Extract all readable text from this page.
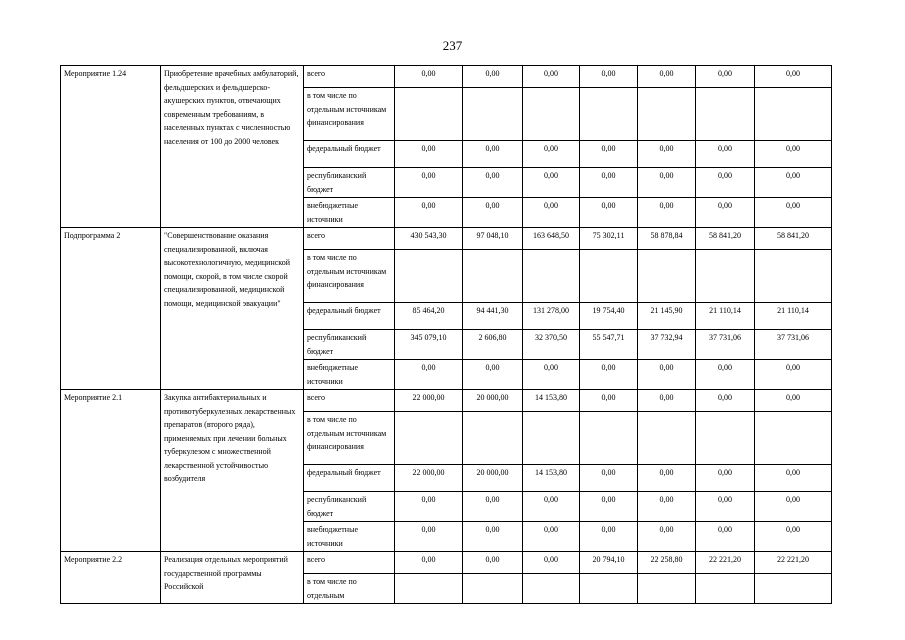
237
Мероприятие 1.24	Приобретение врачебных амбулаторий, фельдшерских и фельдшерско-акушерских пунктов, отвечающих современным требованиям, в населенных пунктах с численностью населения от 100 до 2000 человек	всего	0,00	0,00	0,00	0,00	0,00	0,00	0,00
		в том числе по отдельным источникам финансирования							
		федеральный бюджет	0,00	0,00	0,00	0,00	0,00	0,00	0,00
		республиканский бюджет	0,00	0,00	0,00	0,00	0,00	0,00	0,00
		внебюджетные источники	0,00	0,00	0,00	0,00	0,00	0,00	0,00
Подпрограмма 2	"Совершенствование оказания специализированной, включая высокотехнологичную, медицинской помощи, скорой, в том числе скорой специализированной, медицинской помощи, медицинской эвакуации"	всего	430 543,30	97 048,10	163 648,50	75 302,11	58 878,84	58 841,20	58 841,20
		в том числе по отдельным источникам финансирования							
		федеральный бюджет	85 464,20	94 441,30	131 278,00	19 754,40	21 145,90	21 110,14	21 110,14
		республиканский бюджет	345 079,10	2 606,80	32 370,50	55 547,71	37 732,94	37 731,06	37 731,06
		внебюджетные источники	0,00	0,00	0,00	0,00	0,00	0,00	0,00
Мероприятие 2.1	Закупка антибактериальных и противотуберкулезных лекарственных препаратов (второго ряда), применяемых при лечении больных туберкулезом с множественной лекарственной устойчивостью возбудителя	всего	22 000,00	20 000,00	14 153,80	0,00	0,00	0,00	0,00
		в том числе по отдельным источникам финансирования							
		федеральный бюджет	22 000,00	20 000,00	14 153,80	0,00	0,00	0,00	0,00
		республиканский бюджет	0,00	0,00	0,00	0,00	0,00	0,00	0,00
		внебюджетные источники	0,00	0,00	0,00	0,00	0,00	0,00	0,00
Мероприятие 2.2	Реализация отдельных мероприятий государственной программы Российской	всего	0,00	0,00	0,00	20 794,10	22 258,80	22 221,20	22 221,20
		в том числе по отдельным							
